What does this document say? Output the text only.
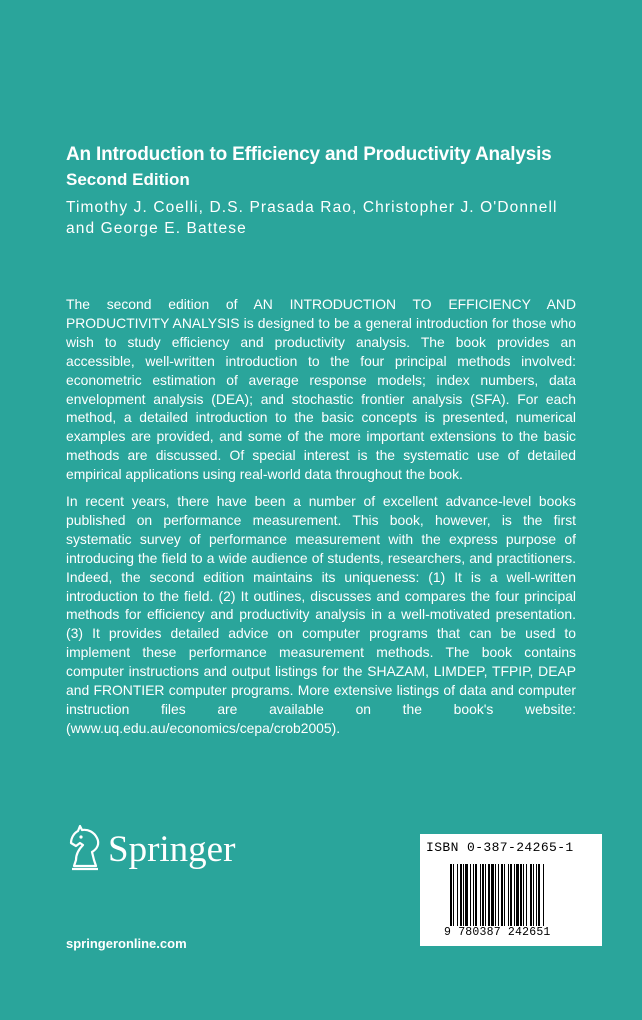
An Introduction to Efficiency and Productivity Analysis
Second Edition
Timothy J. Coelli, D.S. Prasada Rao, Christopher J. O'Donnell
and George E. Battese

The second edition of AN INTRODUCTION TO EFFICIENCY AND PRODUCTIVITY ANALYSIS is designed to be a general introduction for those who wish to study efficiency and productivity analysis. The book provides an accessible, well-written introduction to the four principal methods involved: econometric estimation of average response models; index numbers, data envelopment analysis (DEA); and stochastic frontier analysis (SFA). For each method, a detailed introduction to the basic concepts is presented, numerical examples are provided, and some of the more important extensions to the basic methods are discussed. Of special interest is the systematic use of detailed empirical applications using real-world data throughout the book.

In recent years, there have been a number of excellent advance-level books published on performance measurement. This book, however, is the first systematic survey of performance measurement with the express purpose of introducing the field to a wide audience of students, researchers, and practitioners. Indeed, the second edition maintains its uniqueness: (1) It is a well-written introduction to the field. (2) It outlines, discusses and compares the four principal methods for efficiency and productivity analysis in a well-motivated presentation. (3) It provides detailed advice on computer programs that can be used to implement these performance measurement methods. The book contains computer instructions and output listings for the SHAZAM, LIMDEP, TFPIP, DEAP and FRONTIER computer programs. More extensive listings of data and computer instruction files are available on the book's website: (www.uq.edu.au/economics/cepa/crob2005).

Springer
springeronline.com
ISBN 0-387-24265-1
9 780387 242651
